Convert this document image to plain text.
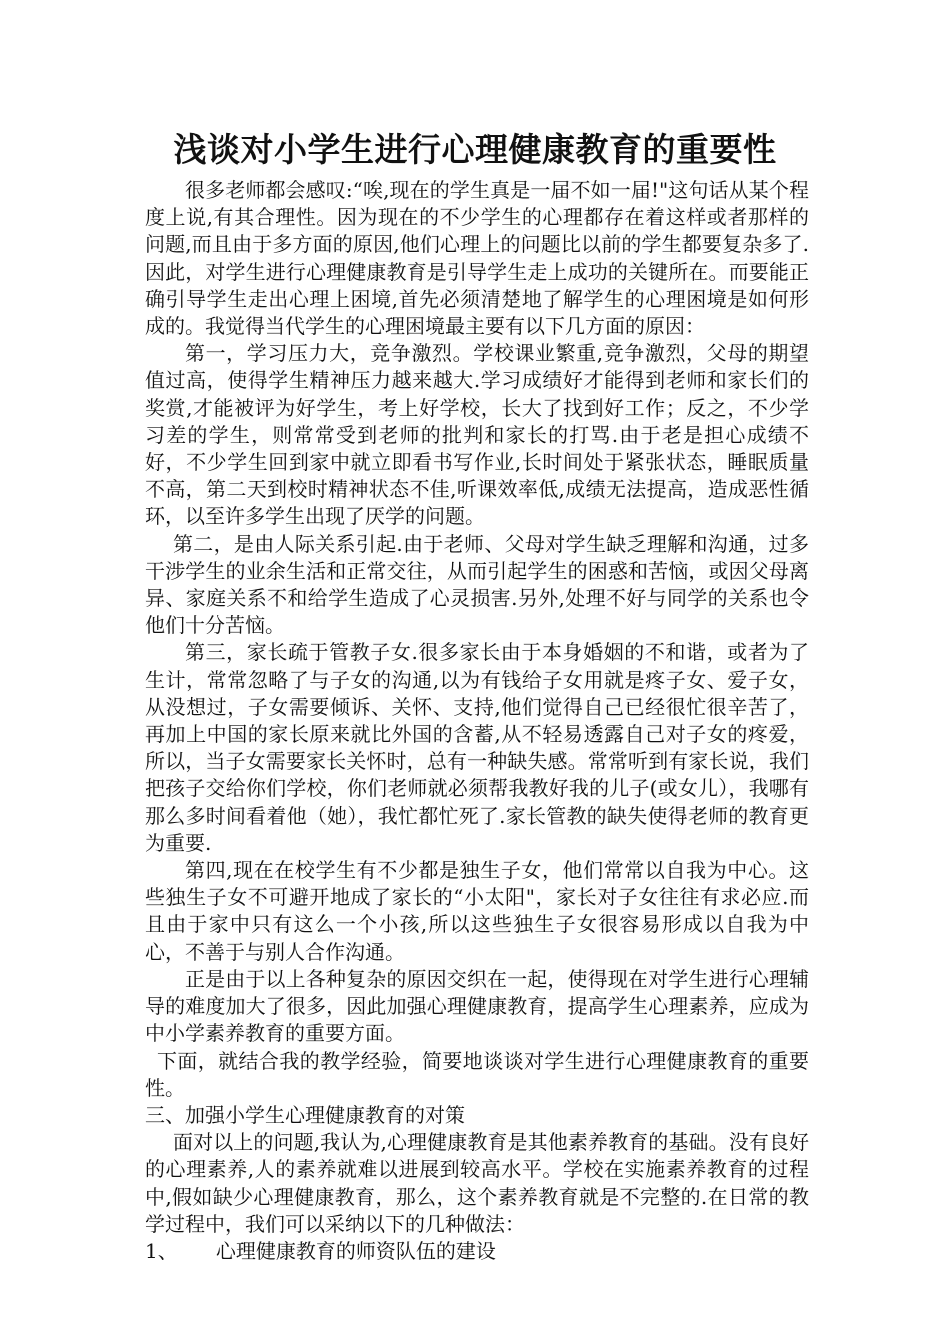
浅谈对小学生进行心理健康教育的重要性

很多老师都会感叹:“唉,现在的学生真是一届不如一届!"这句话从某个程度上说,有其合理性。因为现在的不少学生的心理都存在着这样或者那样的问题,而且由于多方面的原因,他们心理上的问题比以前的学生都要复杂多了.因此，对学生进行心理健康教育是引导学生走上成功的关键所在。而要能正确引导学生走出心理上困境,首先必须清楚地了解学生的心理困境是如何形成的。我觉得当代学生的心理困境最主要有以下几方面的原因：

第一，学习压力大，竞争激烈。学校课业繁重,竞争激烈，父母的期望值过高，使得学生精神压力越来越大.学习成绩好才能得到老师和家长们的奖赏,才能被评为好学生，考上好学校，长大了找到好工作；反之，不少学习差的学生，则常常受到老师的批判和家长的打骂.由于老是担心成绩不好，不少学生回到家中就立即看书写作业,长时间处于紧张状态，睡眠质量不高，第二天到校时精神状态不佳,听课效率低,成绩无法提高，造成恶性循环，以至许多学生出现了厌学的问题。

第二，是由人际关系引起.由于老师、父母对学生缺乏理解和沟通，过多干涉学生的业余生活和正常交往，从而引起学生的困惑和苦恼，或因父母离异、家庭关系不和给学生造成了心灵损害.另外,处理不好与同学的关系也令他们十分苦恼。

第三，家长疏于管教子女.很多家长由于本身婚姻的不和谐，或者为了生计，常常忽略了与子女的沟通,以为有钱给子女用就是疼子女、爱子女，从没想过，子女需要倾诉、关怀、支持,他们觉得自己已经很忙很辛苦了，再加上中国的家长原来就比外国的含蓄,从不轻易透露自己对子女的疼爱，所以，当子女需要家长关怀时，总有一种缺失感。常常听到有家长说，我们把孩子交给你们学校，你们老师就必须帮我教好我的儿子(或女儿），我哪有那么多时间看着他（她），我忙都忙死了.家长管教的缺失使得老师的教育更为重要.

第四,现在在校学生有不少都是独生子女，他们常常以自我为中心。这些独生子女不可避开地成了家长的“小太阳"，家长对子女往往有求必应.而且由于家中只有这么一个小孩,所以这些独生子女很容易形成以自我为中心，不善于与别人合作沟通。

正是由于以上各种复杂的原因交织在一起，使得现在对学生进行心理辅导的难度加大了很多，因此加强心理健康教育，提高学生心理素养，应成为中小学素养教育的重要方面。

下面，就结合我的教学经验，简要地谈谈对学生进行心理健康教育的重要性。

三、加强小学生心理健康教育的对策

面对以上的问题,我认为,心理健康教育是其他素养教育的基础。没有良好的心理素养,人的素养就难以进展到较高水平。学校在实施素养教育的过程中,假如缺少心理健康教育，那么，这个素养教育就是不完整的.在日常的教学过程中，我们可以采纳以下的几种做法：

1、 心理健康教育的师资队伍的建设
